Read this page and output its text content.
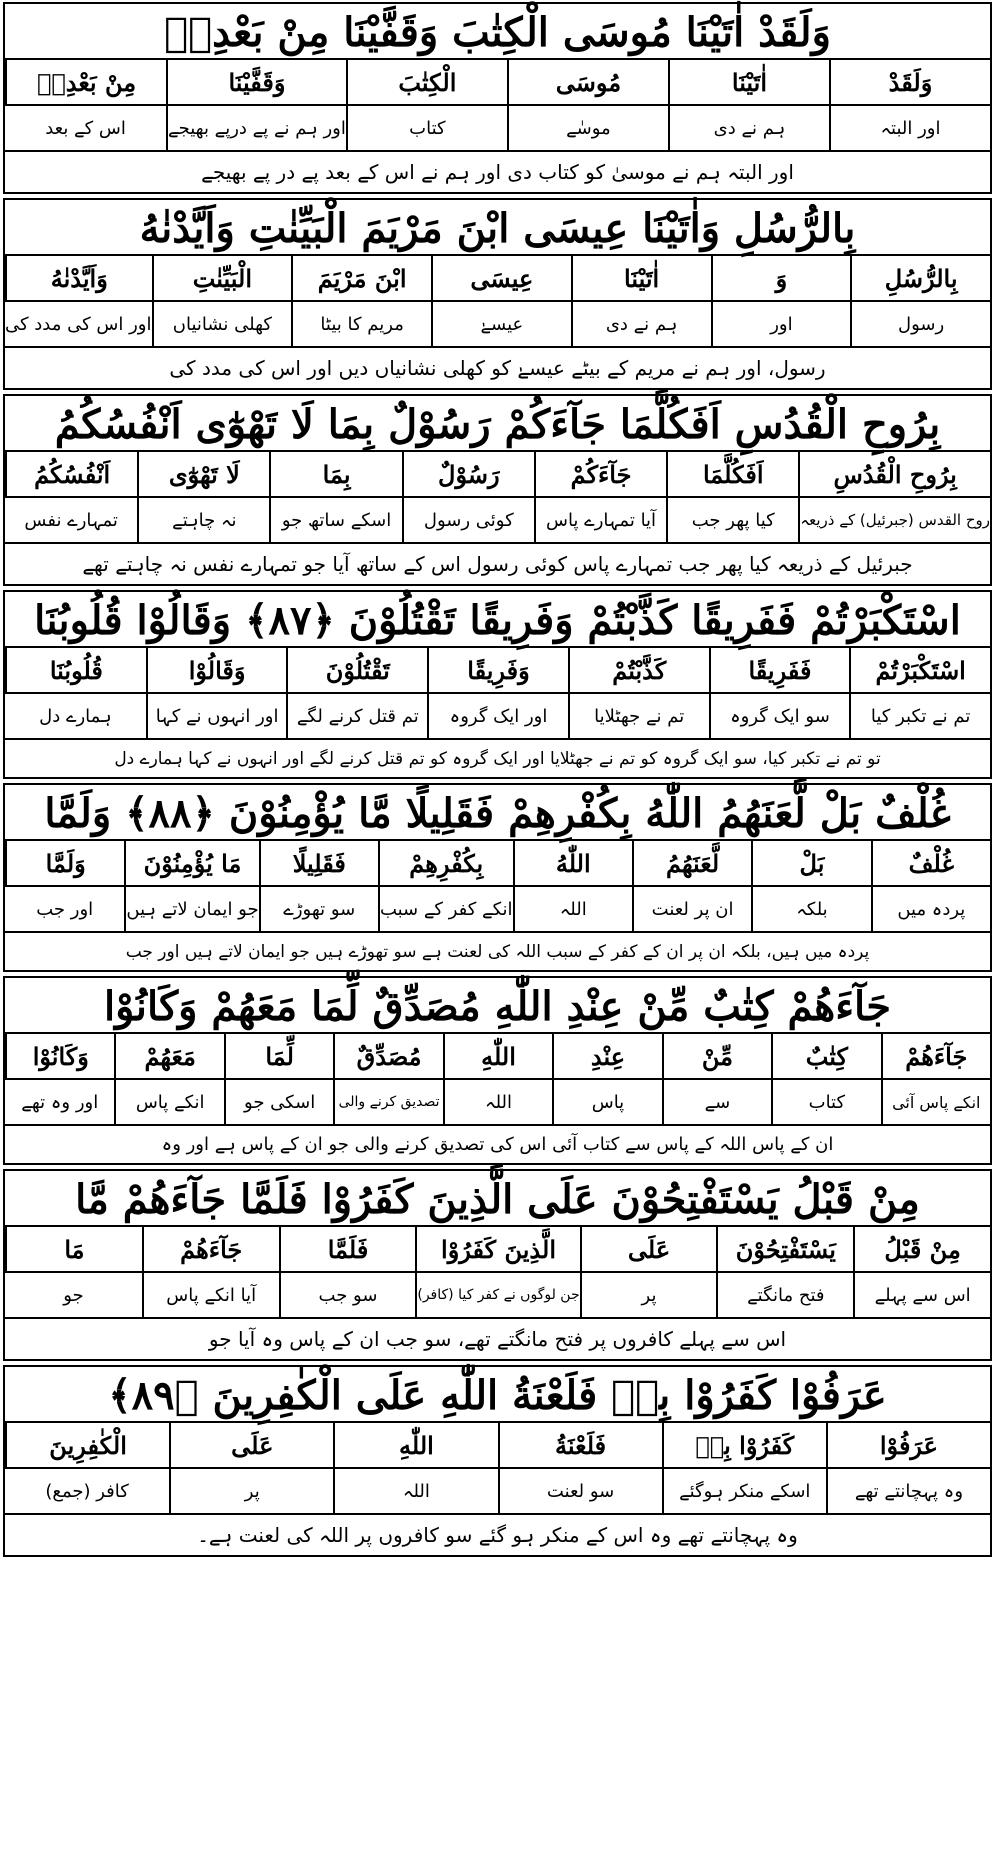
وَلَقَدْ اٰتَيْنَا مُوسَى الْكِتٰبَ وَقَفَّيْنَا مِنْ بَعْدِهٖ
وَلَقَدْ
اٰتَيْنَا
مُوسَى
الْكِتٰبَ
وَقَفَّيْنَا
مِنْ بَعْدِهٖ
اور البتہ
ہم نے دی
موسٰے
کتاب
اور ہم نے پے درپے بھیجے
اس کے بعد
اور البتہ ہم نے موسیٰ کو کتاب دی اور ہم نے اس کے بعد پے در پے بھیجے
بِالرُّسُلِ وَاٰتَيْنَا عِيسَى ابْنَ مَرْيَمَ الْبَيِّنٰتِ وَاَيَّدْنٰهُ
بِالرُّسُلِ
وَ
اٰتَيْنَا
عِيسَى
ابْنَ مَرْيَمَ
الْبَيِّنٰتِ
وَاَيَّدْنٰهُ
رسول
اور
ہم نے دی
عیسےٰ
مریم کا بیٹا
کھلی نشانیاں
اور اس کی مدد کی
رسول، اور ہم نے مریم کے بیٹے عیسےٰ کو کھلی نشانیاں دیں اور اس کی مدد کی
بِرُوحِ الْقُدُسِ اَفَكُلَّمَا جَآءَكُمْ رَسُوْلٌ بِمَا لَا تَهْوٰٓى اَنْفُسُكُمُ
بِرُوحِ الْقُدُسِ
اَفَكُلَّمَا
جَآءَكُمْ
رَسُوْلٌ
بِمَا
لَا تَهْوٰٓى
اَنْفُسُكُمُ
روح القدس (جبرئیل) کے ذریعہ
کیا پھر جب
آیا تمہارے پاس
کوئی رسول
اسکے ساتھ جو
نہ چاہتے
تمہارے نفس
جبرئیل کے ذریعہ کیا پھر جب تمہارے پاس کوئی رسول اس کے ساتھ آیا جو تمہارے نفس نہ چاہتے تھے
اسْتَكْبَرْتُمْ فَفَرِيقًا كَذَّبْتُمْ وَفَرِيقًا تَقْتُلُوْنَ ﴿٨٧﴾ وَقَالُوْا قُلُوبُنَا
اسْتَكْبَرْتُمْ
فَفَرِيقًا
كَذَّبْتُمْ
وَفَرِيقًا
تَقْتُلُوْنَ
وَقَالُوْا
قُلُوبُنَا
تم نے تکبر کیا
سو ایک گروہ
تم نے جھٹلایا
اور ایک گروہ
تم قتل کرنے لگے
اور انہوں نے کہا
ہمارے دل
تو تم نے تکبر کیا، سو ایک گروہ کو تم نے جھٹلایا اور ایک گروہ کو تم قتل کرنے لگے اور انہوں نے کہا ہمارے دل
غُلْفٌ بَلْ لَّعَنَهُمُ اللّٰهُ بِكُفْرِهِمْ فَقَلِيلًا مَّا يُؤْمِنُوْنَ ﴿٨٨﴾ وَلَمَّا
غُلْفٌ
بَلْ
لَّعَنَهُمُ
اللّٰهُ
بِكُفْرِهِمْ
فَقَلِيلًا
مَا يُؤْمِنُوْنَ
وَلَمَّا
پردہ میں
بلکہ
ان پر لعنت
اللہ
انکے کفر کے سبب
سو تھوڑے
جو ایمان لاتے ہیں
اور جب
پردہ میں ہیں، بلکہ ان پر ان کے کفر کے سبب اللہ کی لعنت ہے سو تھوڑے ہیں جو ایمان لاتے ہیں اور جب
جَآءَهُمْ كِتٰبٌ مِّنْ عِنْدِ اللّٰهِ مُصَدِّقٌ لِّمَا مَعَهُمْ وَكَانُوْا
جَآءَهُمْ
كِتٰبٌ
مِّنْ
عِنْدِ
اللّٰهِ
مُصَدِّقٌ
لِّمَا
مَعَهُمْ
وَكَانُوْا
انکے پاس آئی
کتاب
سے
پاس
اللہ
تصدیق کرنے والی
اسکی جو
انکے پاس
اور وہ تھے
ان کے پاس اللہ کے پاس سے کتاب آئی اس کی تصدیق کرنے والی جو ان کے پاس ہے اور وہ
مِنْ قَبْلُ يَسْتَفْتِحُوْنَ عَلَى الَّذِينَ كَفَرُوْا فَلَمَّا جَآءَهُمْ مَّا
مِنْ قَبْلُ
يَسْتَفْتِحُوْنَ
عَلَى
الَّذِينَ كَفَرُوْا
فَلَمَّا
جَآءَهُمْ
مَا
اس سے پہلے
فتح مانگتے
پر
جن لوگوں نے کفر کیا (کافر)
سو جب
آیا انکے پاس
جو
اس سے پہلے کافروں پر فتح مانگتے تھے، سو جب ان کے پاس وہ آیا جو
عَرَفُوْا كَفَرُوْا بِهٖ فَلَعْنَةُ اللّٰهِ عَلَى الْكٰفِرِينَ ﴿٨٩﴾
عَرَفُوْا
كَفَرُوْا بِهٖ
فَلَعْنَةُ
اللّٰهِ
عَلَى
الْكٰفِرِينَ
وہ پہچانتے تھے
اسکے منکر ہوگئے
سو لعنت
اللہ
پر
کافر (جمع)
وہ پہچانتے تھے وہ اس کے منکر ہو گئے سو کافروں پر اللہ کی لعنت ہے۔
